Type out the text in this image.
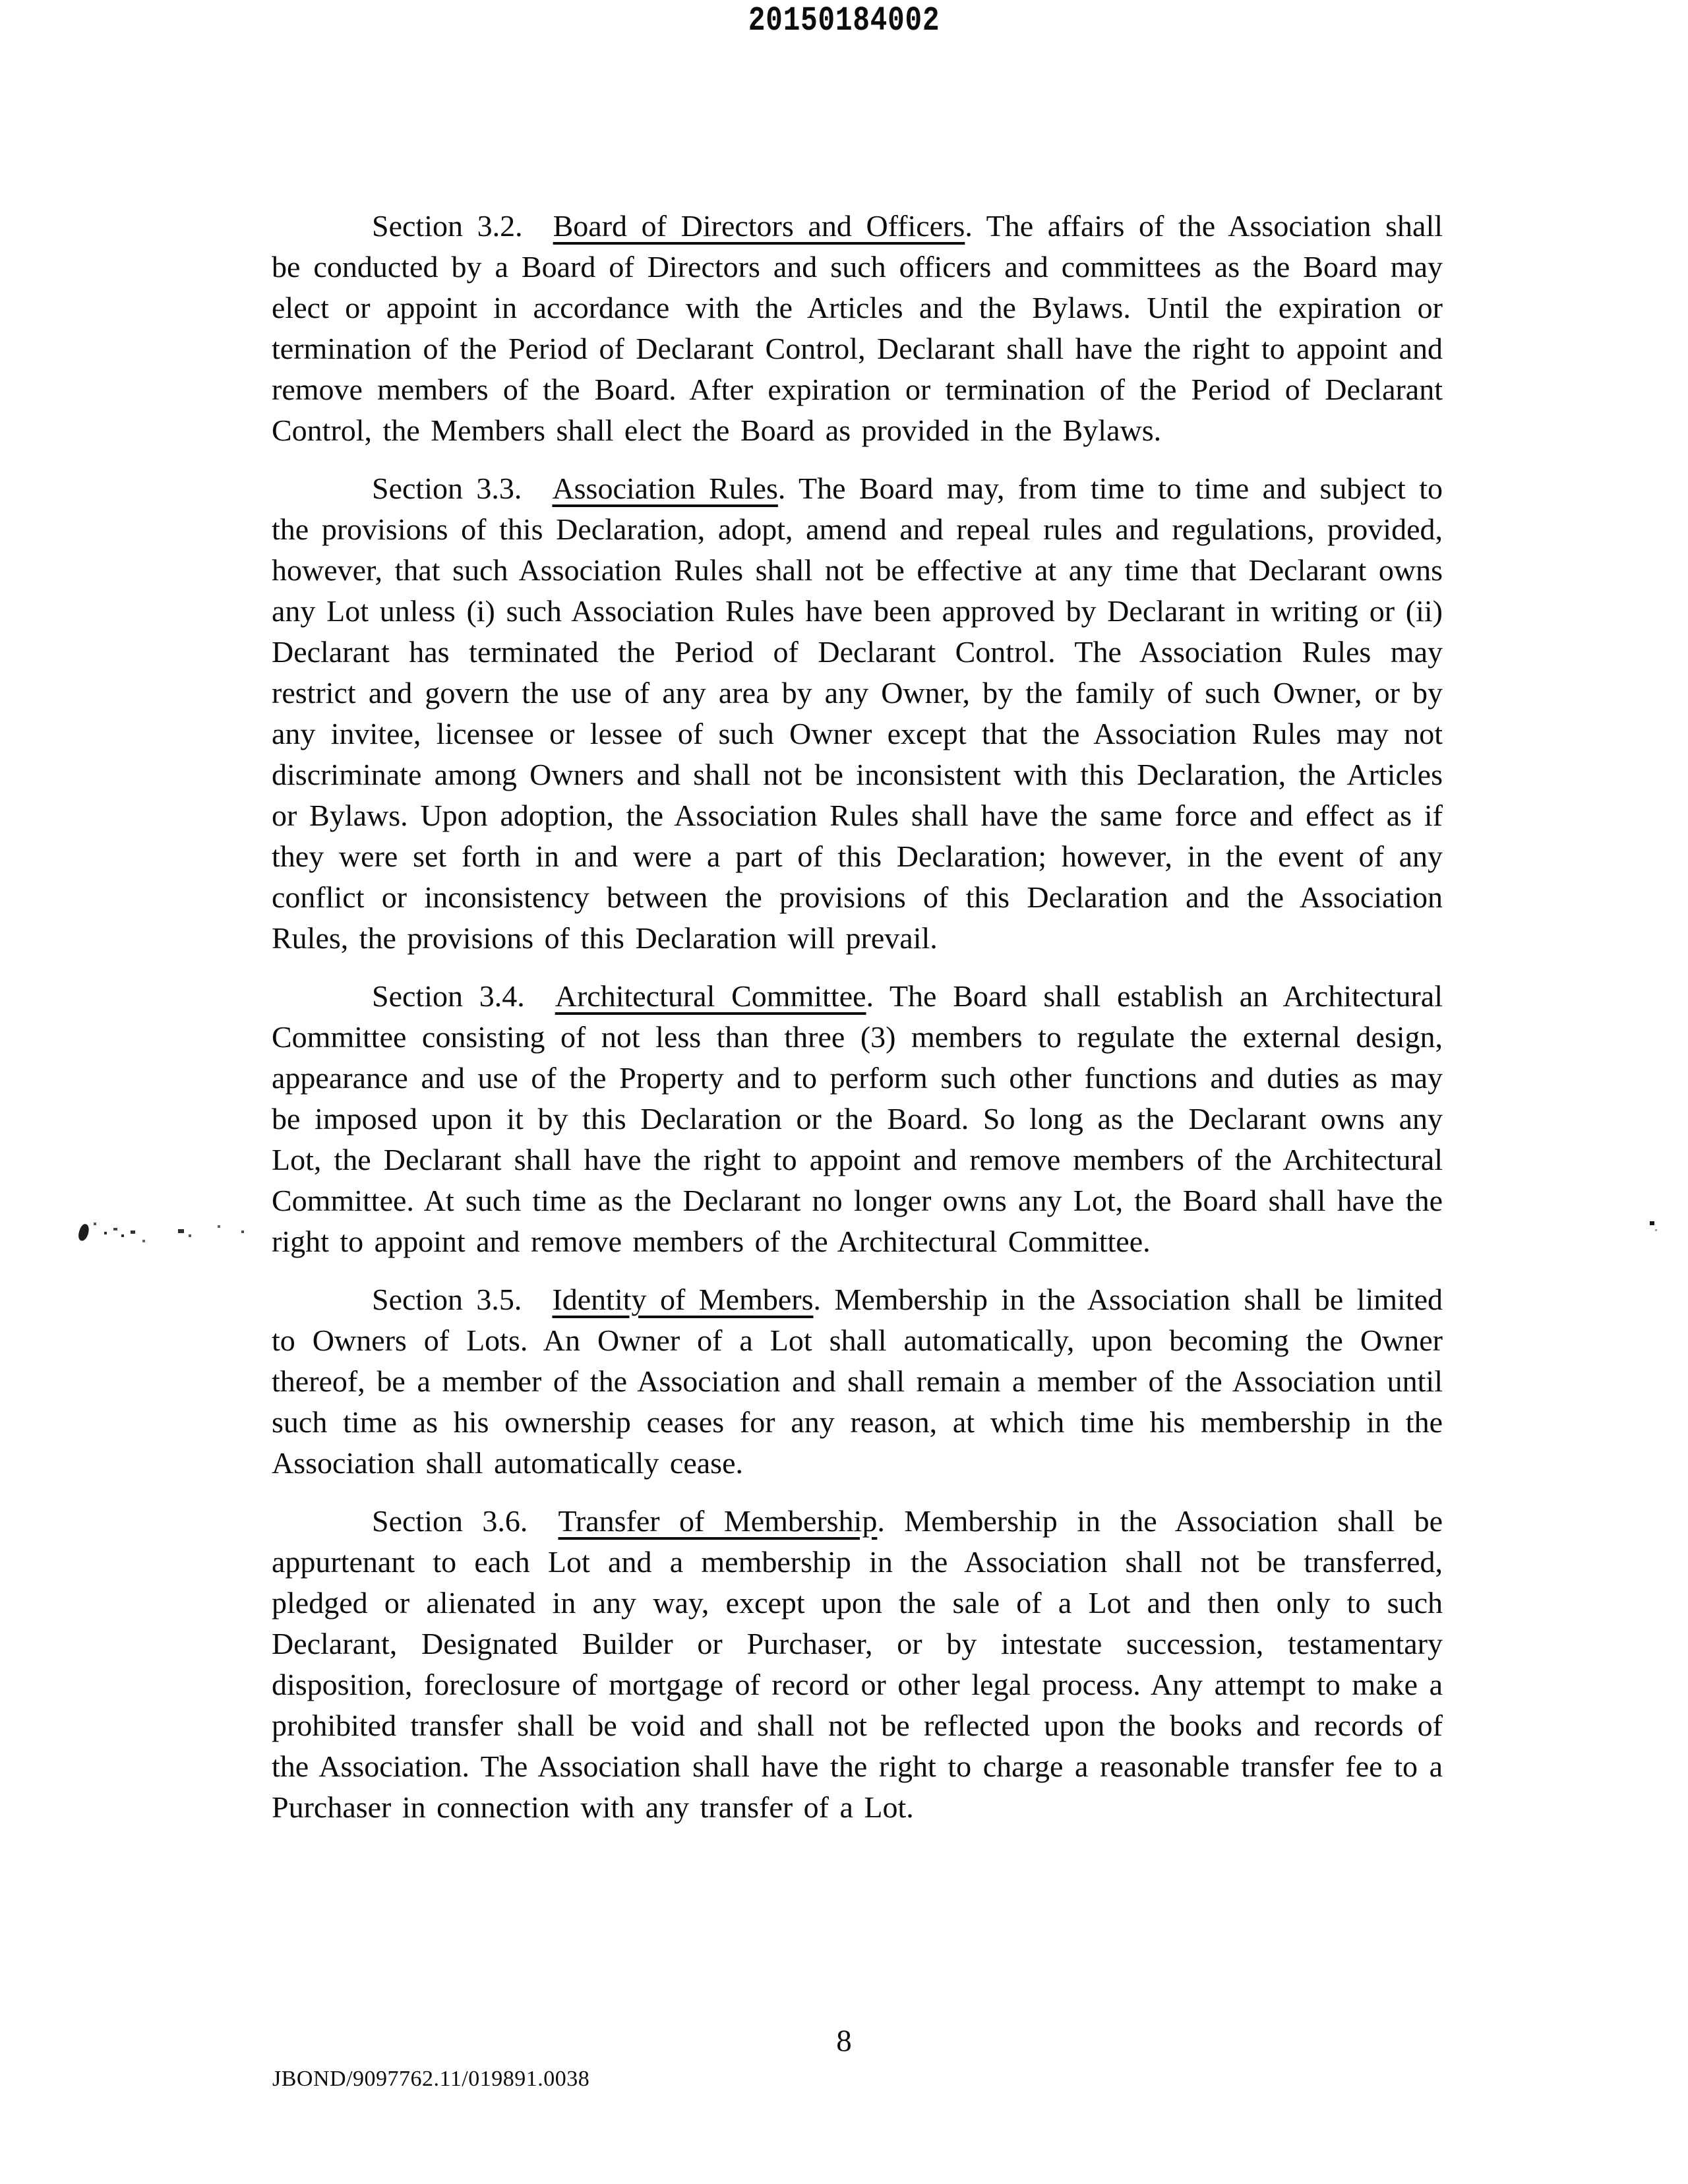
20150184002

Section 3.2. Board of Directors and Officers. The affairs of the Association shall be conducted by a Board of Directors and such officers and committees as the Board may elect or appoint in accordance with the Articles and the Bylaws. Until the expiration or termination of the Period of Declarant Control, Declarant shall have the right to appoint and remove members of the Board. After expiration or termination of the Period of Declarant Control, the Members shall elect the Board as provided in the Bylaws.

Section 3.3. Association Rules. The Board may, from time to time and subject to the provisions of this Declaration, adopt, amend and repeal rules and regulations, provided, however, that such Association Rules shall not be effective at any time that Declarant owns any Lot unless (i) such Association Rules have been approved by Declarant in writing or (ii) Declarant has terminated the Period of Declarant Control. The Association Rules may restrict and govern the use of any area by any Owner, by the family of such Owner, or by any invitee, licensee or lessee of such Owner except that the Association Rules may not discriminate among Owners and shall not be inconsistent with this Declaration, the Articles or Bylaws. Upon adoption, the Association Rules shall have the same force and effect as if they were set forth in and were a part of this Declaration; however, in the event of any conflict or inconsistency between the provisions of this Declaration and the Association Rules, the provisions of this Declaration will prevail.

Section 3.4. Architectural Committee. The Board shall establish an Architectural Committee consisting of not less than three (3) members to regulate the external design, appearance and use of the Property and to perform such other functions and duties as may be imposed upon it by this Declaration or the Board. So long as the Declarant owns any Lot, the Declarant shall have the right to appoint and remove members of the Architectural Committee. At such time as the Declarant no longer owns any Lot, the Board shall have the right to appoint and remove members of the Architectural Committee.

Section 3.5. Identity of Members. Membership in the Association shall be limited to Owners of Lots. An Owner of a Lot shall automatically, upon becoming the Owner thereof, be a member of the Association and shall remain a member of the Association until such time as his ownership ceases for any reason, at which time his membership in the Association shall automatically cease.

Section 3.6. Transfer of Membership. Membership in the Association shall be appurtenant to each Lot and a membership in the Association shall not be transferred, pledged or alienated in any way, except upon the sale of a Lot and then only to such Declarant, Designated Builder or Purchaser, or by intestate succession, testamentary disposition, foreclosure of mortgage of record or other legal process. Any attempt to make a prohibited transfer shall be void and shall not be reflected upon the books and records of the Association. The Association shall have the right to charge a reasonable transfer fee to a Purchaser in connection with any transfer of a Lot.

8
JBOND/9097762.11/019891.0038
